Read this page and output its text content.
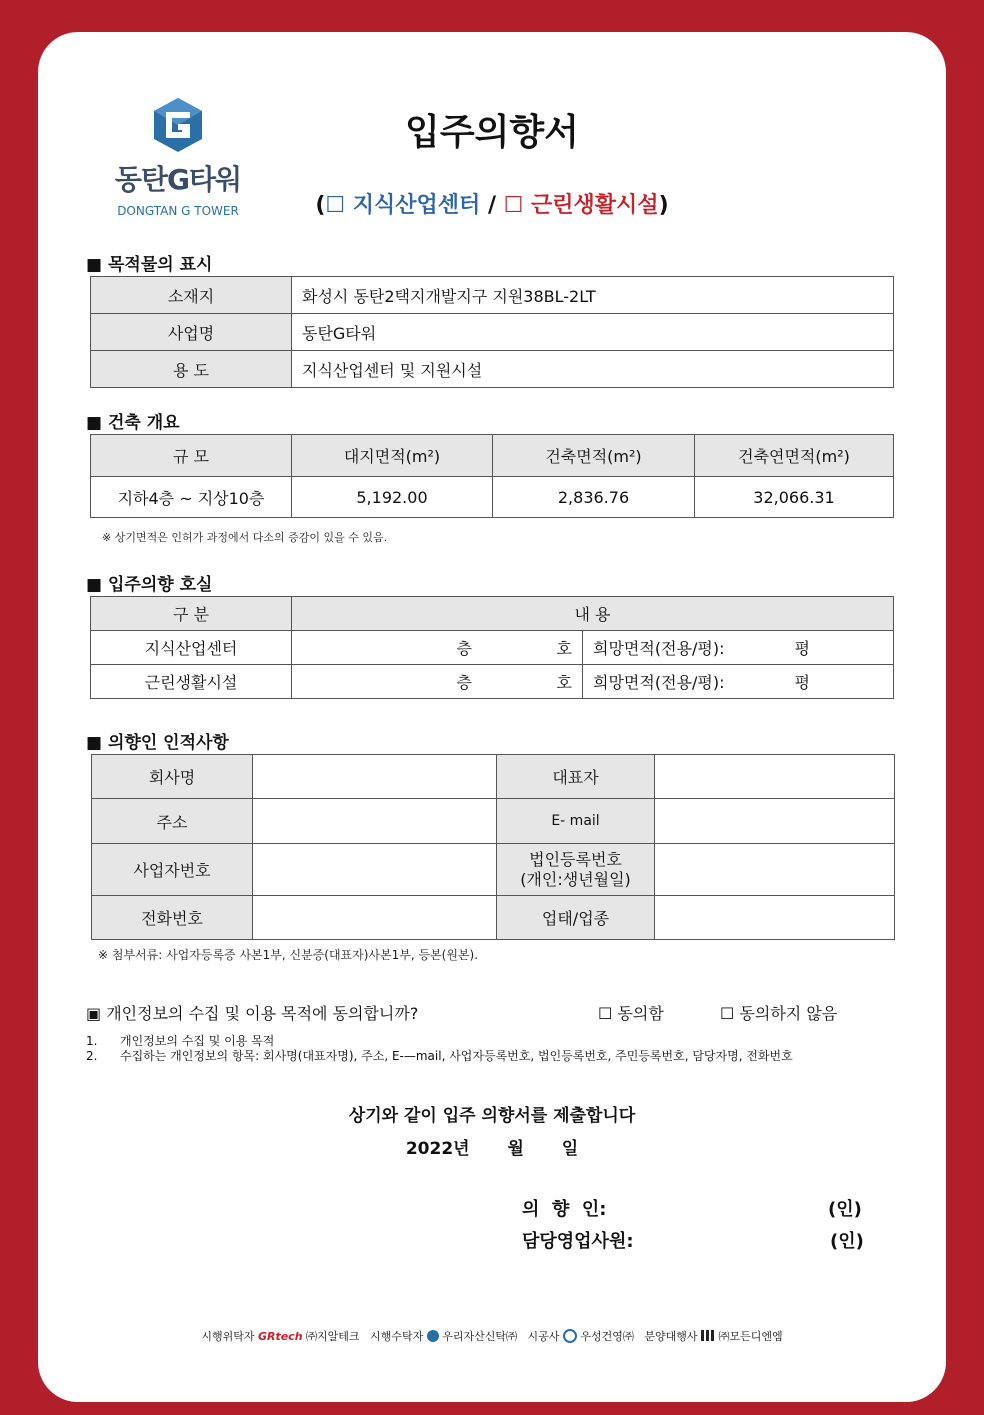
동탄G타워
DONGTAN G TOWER
입주의향서
(☐ 지식산업센터 / ☐ 근린생활시설)
■ 목적물의 표시
소재지	화성시 동탄2택지개발지구 지원38BL-2LT
사업명	동탄G타워
용 도	지식산업센터 및 지원시설
■ 건축 개요
규 모	대지면적(m²)	건축면적(m²)	건축연면적(m²)
지하4층 ~ 지상10층	5,192.00	2,836.76	32,066.31
※ 상기면적은 인허가 과정에서 다소의 증감이 있을 수 있음.
■ 입주의향 호실
구 분	내 용		
지식산업센터	층	호	희망면적(전용/평): 평
근린생활시설	층	호	희망면적(전용/평): 평
■ 의향인 인적사항
회사명		대표자	
주소		E- mail	
사업자번호		법인등록번호
(개인:생년월일)	

전화번호		업태/업종	
※ 첨부서류: 사업자등록증 사본1부, 신분증(대표자)사본1부, 등본(원본).
▣ 개인정보의 수집 및 이용 목적에 동의합니까?	☐ 동의함	☐ 동의하지 않음
1. 개인정보의 수집 및 이용 목적
2. 수집하는 개인정보의 항목: 회사명(대표자명), 주소, E-—mail, 사업자등록번호, 법인등록번호, 주민등록번호, 담당자명, 전화번호
상기와 같이 입주 의향서를 제출합니다
2022년 월 일
의  향  인:	(인)
담당영업사원:	(인)
시행위탁자 GRtech ㈜지알테크 시행수탁자 우리자산신탁㈜ 시공사 우성건영㈜ 분양대행사 ㈜모든디엔엠
